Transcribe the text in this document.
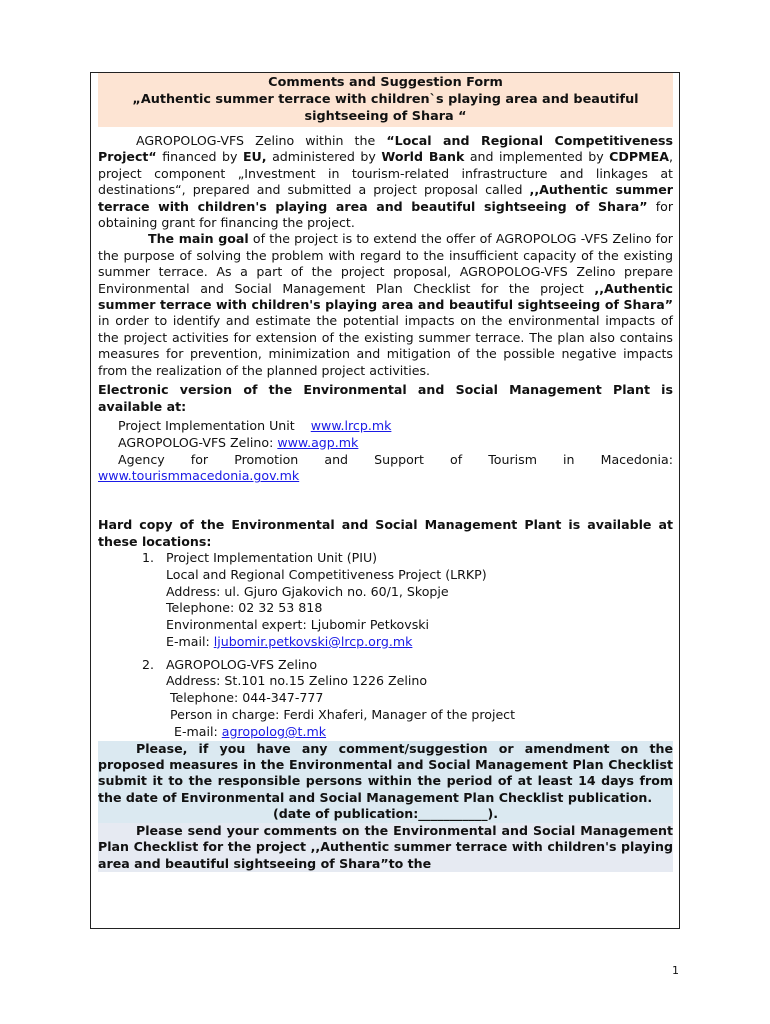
Comments and Suggestion Form
„Authentic summer terrace with children`s playing area and beautiful sightseeing of Shara “

AGROPOLOG-VFS Zelino within the “Local and Regional Competitiveness Project“ financed by EU, administered by World Bank and implemented by CDPMEA, project component „Investment in tourism-related infrastructure and linkages at destinations“, prepared and submitted a project proposal called ,,Authentic summer terrace with children's playing area and beautiful sightseeing of Shara” for obtaining grant for financing the project.

The main goal of the project is to extend the offer of AGROPOLOG -VFS Zelino for the purpose of solving the problem with regard to the insufficient capacity of the existing summer terrace. As a part of the project proposal, AGROPOLOG-VFS Zelino prepare Environmental and Social Management Plan Checklist for the project ,,Authentic summer terrace with children's playing area and beautiful sightseeing of Shara” in order to identify and estimate the potential impacts on the environmental impacts of the project activities for extension of the existing summer terrace. The plan also contains measures for prevention, minimization and mitigation of the possible negative impacts from the realization of the planned project activities.

Electronic version of the Environmental and Social Management Plant is available at:

Project Implementation Unit www.lrcp.mk
AGROPOLOG-VFS Zelino: www.agp.mk
Agency for Promotion and Support of Tourism in Macedonia:
www.tourismmacedonia.gov.mk

Hard copy of the Environmental and Social Management Plant is available at these locations:

1. Project Implementation Unit (PIU)
Local and Regional Competitiveness Project (LRKP)
Address: ul. Gjuro Gjakovich no. 60/1, Skopje
Telephone: 02 32 53 818
Environmental expert: Ljubomir Petkovski
E-mail: ljubomir.petkovski@lrcp.org.mk
2. AGROPOLOG-VFS Zelino
Address: St.101 no.15 Zelino 1226 Zelino
Telephone: 044-347-777
Person in charge: Ferdi Xhaferi, Manager of the project
E-mail: agropolog@t.mk

Please, if you have any comment/suggestion or amendment on the proposed measures in the Environmental and Social Management Plan Checklist submit it to the responsible persons within the period of at least 14 days from the date of Environmental and Social Management Plan Checklist publication.

(date of publication:___________).

Please send your comments on the Environmental and Social Management Plan Checklist for the project ,,Authentic summer terrace with children's playing area and beautiful sightseeing of Shara”to the

1
